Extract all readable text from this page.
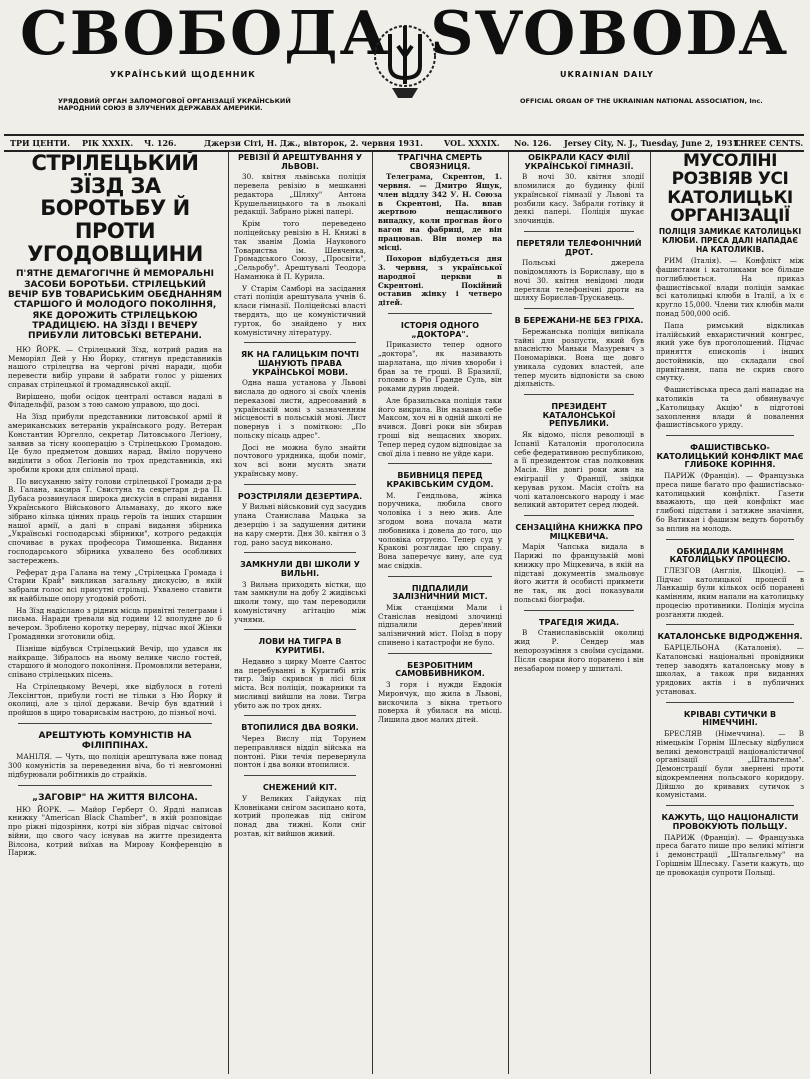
СВОБОДА SVOBODA
УКРАЇНСЬКИЙ ЩОДЕННИК	UKRAINIAN DAILY
УРЯДОВИЙ ОРГАН ЗАПОМОГОВОЇ ОРГАНІЗАЦІЇ УКРАЇНСЬКИЙ НАРОДНИЙ СОЮЗ В ЗЛУЧЕНИХ ДЕРЖАВАХ АМЕРИКИ.
OFFICIAL ORGAN OF THE UKRAINIAN NATIONAL ASSOCIATION, Inc.
ТРИ ЦЕНТИ. РІК XXXIX. Ч. 126.	Джерзи Сіті, Н. Дж., вівторок, 2. червня 1931.	VOL. XXXIX. No. 126. Jersey City, N. J., Tuesday, June 2, 1931.
THREE CENTS.
СТРІЛЕЦЬКИЙ ЗЇЗД ЗА БОРОТЬБУ Й ПРОТИ УГОДОВЩИНИ
П'ЯТНЕ ДЕМАГОГІЧНЕ Й МЕМОРАЛЬНІ ЗАСОБИ БОРОТЬБИ. СТРІЛЕЦЬКИЙ ВЕЧІР БУВ ТОВАРИСЬКИМ ОБЄДНАННЯМ СТАРШОГО Й МОЛОДОГО ПОКОЛІННЯ, ЯКЕ ДОРОЖИТЬ СТРІЛЕЦЬКОЮ ТРАДИЦІЄЮ. НА ЗЇЗДІ І ВЕЧЕРУ ПРИБУЛИ ЛИТОВСЬКІ ВЕТЕРАНИ.

НЮ ЙОРК. — Стрілецький Зїзд, котрий радив на Меморіял Дей у Ню Йорку, стягнув представників нашого стрілецтва на чергові річні наради, щоби перевести вибір управи й забрати голос у рішених справах стрілецької й громадянської акції.

Вирішено, щоби осідок централі остався надалі в Філадельфії, разом з тою самою управою, що досі.

На Зїзд прибули представники литовської армії й американських ветеранів українського роду. Ветеран Константин Юргелло, секретар Литовського Легіону, заявив за тісну кооперацію з Стрілецькою Громадою. Це було предметом довших нарад. Вміло поручено виділити з обох Легіонів по трох представників, які зробили кроки для спільної праці.

По висуханню звіту голови стрілецької Громади д-ра В. Галана, касира Т. Свистуна та секретаря д-ра П. Дубаса розвинулася широка дискусія в справі видання Українського Військового Альманаху, до якого вже зібрано кілька цінних праць героїв та інших старшин нашої армії, а далі в справі видання збірника „Українські господарські збірники", котрого редакція спочиває в руках професора Тимошенка. Видання господарського збірника ухвалено без особливих застережень.

Реферат д-ра Галана на тему „Стрілецька Громада і Старии Край" викликав загальну дискусію, в якій забрали голос всі присутні стрільці. Ухвалено ставити як найбільше опору угодовій роботі.

На Зїзд надіслано з рідних місць привітні телеграми і письма. Наради тревали від години 12 вполудне до 6 вечером. Зроблено коротку перерву, підчас якої Жінки Громадянки зготовили обід.

Пізніше відбувся Стрілецький Вечір, що удався як найкраще. Зібралось на ньому велике число гостей, старшого й молодого покоління. Промовляли ветерани, співано стрілецьких пісень.

На Стрілецькому Вечері, яке відбулося в готелі Лексінгтон, прибули гості не тільки з Ню Йорку й околиці, але з цілої держави. Вечір був вдатний і пройшов в щиро товариськім настрою, до пізньої ночі.

АРЕШТУЮТЬ КОМУНІСТІВ НА ФІЛІППІНАХ.

МАНІЛЯ. — Чуть, що поліція арештувала вже понад 300 комуністів за переведення віча, бо ті невгомонні підбурювали робітників до страйків.

„ЗАГОВІР" НА ЖИТТЯ ВІЛСОНА.

НЮ ЙОРК. — Майор Герберт О. Ярдлі написав книжку "American Black Chamber", в якій розповідає про ріжні підозріння, котрі він зібрав підчас світової війни, що свого часу існував на житте президента Вілсона, котрий виїхав на Мирову Конференцію в Париж.

РЕВІЗІЇ Й АРЕШТУВАННЯ У ЛЬВОВІ.

30. квітня львівська поліція перевела ревізію в мешканні редактора „Шляху" Антона Крушельницького та в льокалі редакції. Забрано ріжні папері.

Крім того переведено поліцейську ревізію в Н. Книжі в так званім Доміа Наукового Товариства ім. Шевченка, Громадського Союзу, „Просвіти", „Сельробу". Арештувалі Теодора Наманюка й П. Курила.

У Старім Самборі на засідання статі поліція арештувала учнів 6. класи гімназії. Поліцейські власті твердять, що це комуністичний гурток, бо знайдено у них комуністичну літературу.

ЯК НА ГАЛИЦЬКІМ ПОЧТІ ШАНУЮТЬ ПРАВА УКРАЇНСЬКОЇ МОВИ.

Одна наша установа у Львові вислала до одного зі своїх членів переказові листи, адресований в українській мові з зазначенням місцевості в польській мові. Лист повернув і з поміткою: „По польску пісаць адрес".

Досі не можна було знайти почтового урядника, щоби поміг, хоч всі вони мусять знати українську мову.

РОЗСТРІЛЯЛИ ДЕЗЕРТИРА.

У Вильні військовий суд засудив улана Станислава Мацька за дезерцію і за задушення дитини на кару смерти. Дня 30. квітня о 3 год. рано засуд виконано.

ЗАМКНУЛИ ДВІ ШКОЛИ У ВИЛЬНІ.

З Вильна приходять вістки, що там замкнули на добу 2 жидівські школи тому, що там переводили комуністичну агітацію між учнями.

ЛОВИ НА ТИГРА В КУРИТИБІ.

Недавно з цирку Монте Сантос на перебуванні в Куритибі втік тигр. Звір скрився в лісі біля міста. Вся поліція, пожарники та мисливці вийшли на лови. Тигра убито аж по трох днях.

ВТОПИЛИСЯ ДВА ВОЯКИ.

Через Вислу під Торунем переправлявся відділ війська на понтоні. Ріки течія перевернула понтон і два вояки втопилися.

СНЕЖЕНИЙ КІТ.

У Великих Гайдуках під Кловніками снігом засипано кота, котрий пролежав під снігом понад два тижні. Коли сніг розтав, кіт вийшов живий.

ТРАГІЧНА СМЕРТЬ СВОЯЗНИЦЯ.

Телеграма, Скрентон, 1. червня. — Дмитро Ящук, член віддлу 342 У. Н. Союза в Скрентоні, Па. впав жертвою нещасливого випадку, коли прогнав його вагон на фабриці, де він працював. Він помер на місці.

Похорон відбудеться дня 3. червня, з української народної церкви в Скрентоні. Покійний оставив жінку і четверо дітей.

ІСТОРІЯ ОДНОГО „ДОКТОРА".

Приказисто тепер одного „доктора", як називають шарлатана, що лічив хвороби і брав за те гроші. В Бразилії, головно в Ріо Ґранде Суль, він роками дурив людей.

Але бразильська поліція таки його викрила. Він називав себе Максом, хоч ні в одній школі не вчився. Довгі роки він збирав гроші від нещасних хворих. Тепер перед судом відповідає за свої діла і певно не уйде кари.

ВБИВНИЦЯ ПЕРЕД КРАКІВСЬКИМ СУДОМ.

М. Гендльова, жінка поручника, любила свого чоловіка і з нею жив. Але згодом вона почала мати любовника і довела до того, що чоловіка отруєно. Тепер суд у Кракові розглядає цю справу. Вона заперечує вину, але суд має свідків.

ПІДПАЛИЛИ ЗАЛІЗНИЧНИЙ МІСТ.

Між станціями Мали і Станіслав невідомі злочинці підпалили дерев'яний залізничний міст. Поїзд в пору спинено і катастрофи не було.

БЕЗРОБІТНИМ САМОВБИВНИКОМ.

З горя і нужди Евдокія Мирончук, що жила в Львові, вискочила з вікна третього поверха й убилася на місці. Лишила двоє малих дітей.

ОБІКРАЛИ КАСУ ФІЛІЇ УКРАЇНСЬКОЇ ГІМНАЗІЇ.

В ночі 30. квітня злодії вломилися до будинку філії української гімназії у Львові та розбили касу. Забрали готівку й деякі папері. Поліція шукає злочинців.

ПЕРЕТЯЛИ ТЕЛЕФОНІЧНИЙ ДРОТ.

Польські джерела повідомляють із Бориславу, що в ночі 30. квітня невідомі люди перетяли телефонічні дроти на шляху Борислав-Трускавець.

В БЕРЕЖАНИ-НЕ БЕЗ ГРІХА.

Бережанська поліція випікала тайні для розпусти, який був власністю Маньки Мазуревич з Пономарівки. Вона ще довго уникала судових властей, але тепер мусить відповісти за свою діяльність.

ПРЕЗИДЕНТ КАТАЛОНСЬКОЇ РЕПУБЛИКИ.

Як відомо, після революції в Іспанії Каталонія проголосила себе федеративною республикою, а її президентом став полковник Масія. Він довгі роки жив на еміграції у Франції, звідки керував рухом. Масія стоїть на чолі каталонського народу і має великий авторитет серед людей.

СЕНЗАЦІЙНА КНИЖКА ПРО МІЦКЕВИЧА.

Марія Чапська видала в Парижі по французькій мові книжку про Міцкевича, в якій на підставі документів змальовує його життя й особисті прикмети не так, як досі показували польські біографи.

ТРАГЕДІЯ ЖИДА.

В Станиславівській околиці жид Р. Сендер мав непорозуміння з своїми сусідами. Після сварки його поранено і він незабаром помер у шпиталі.

МУСОЛІНІ РОЗВІЯВ УСІ КАТОЛИЦЬКІ ОРГАНІЗАЦІЇ
ПОЛІЦІЯ ЗАМИКАЄ КАТОЛИЦЬКІ КЛЮБИ. ПРЕСА ДАЛІ НАПАДАЄ НА КАТОЛИКІВ.

РИМ (Італія). — Конфлікт між фашистами і католиками все більше поглиблюється. На приказ фашистівської влади поліція замкає всі католицькі клюби в Італії, а їх є кругло 15,000. Члени тих клюбів мали понад 500,000 осіб.

Папа римський відкликав італійський евхаристичний конгрес, який уже був проголошений. Підчас приняття єпископів і інших достойників, що складали свої привітання, папа не скрив свого смутку.

Фашистівська преса далі нападає на католиків та обвинувачує „Католицьку Акцію" в підготові захоплення влади й повалення фашистівського уряду.

ФАШИСТІВСЬКО-КАТОЛИЦЬКИЙ КОНФЛІКТ МАЄ ГЛИБОКЕ КОРІННЯ.

ПАРИЖ (Франція). — Французька преса пише багато про фашистівсько-католицький конфлікт. Газети вважають, що цей конфлікт має глибокі підстави і затяжне значіння, бо Ватикан і фашизм ведуть боротьбу за вплив на молодь.

ОБКИДАЛИ КАМІННЯМ КАТОЛИЦЬКУ ПРОЦЕСІЮ.

ГЛЕЗГОВ (Англія, Шкоція). — Підчас католицької процесії в Ланкашір були кількох осіб поранені камінням, яким напали на католицьку процесію противники. Поліція мусіла розганяти людей.

КАТАЛОНСЬКЕ ВІДРОДЖЕННЯ.

БАРЦЕЛЬОНА (Каталонія). — Каталонські національні провідники тепер заводять каталонську мову в школах, а також при виданнях урядових актів і в публичних установах.

КРІВАВІ СУТИЧКИ В НІМЕЧЧИНІ.

БРЕСЛЯВ (Німеччина). — В німецькім Горнім Шлеську відбулися великі демонстрації націоналістичної організації „Штальгельм". Демонстрації були звернені проти відокремлення польського коридору. Дійшло до кривавих сутичок з комуністами.

КАЖУТЬ, ЩО НАЦІОНАЛІСТИ ПРОВОКУЮТЬ ПОЛЬЩУ.

ПАРИЖ (Франція). — Французька преса багато пише про великі мітінги і демонстрації „Штальгельму" на Горішнім Шлеську. Газети кажуть, що це провокація супроти Польщі.
